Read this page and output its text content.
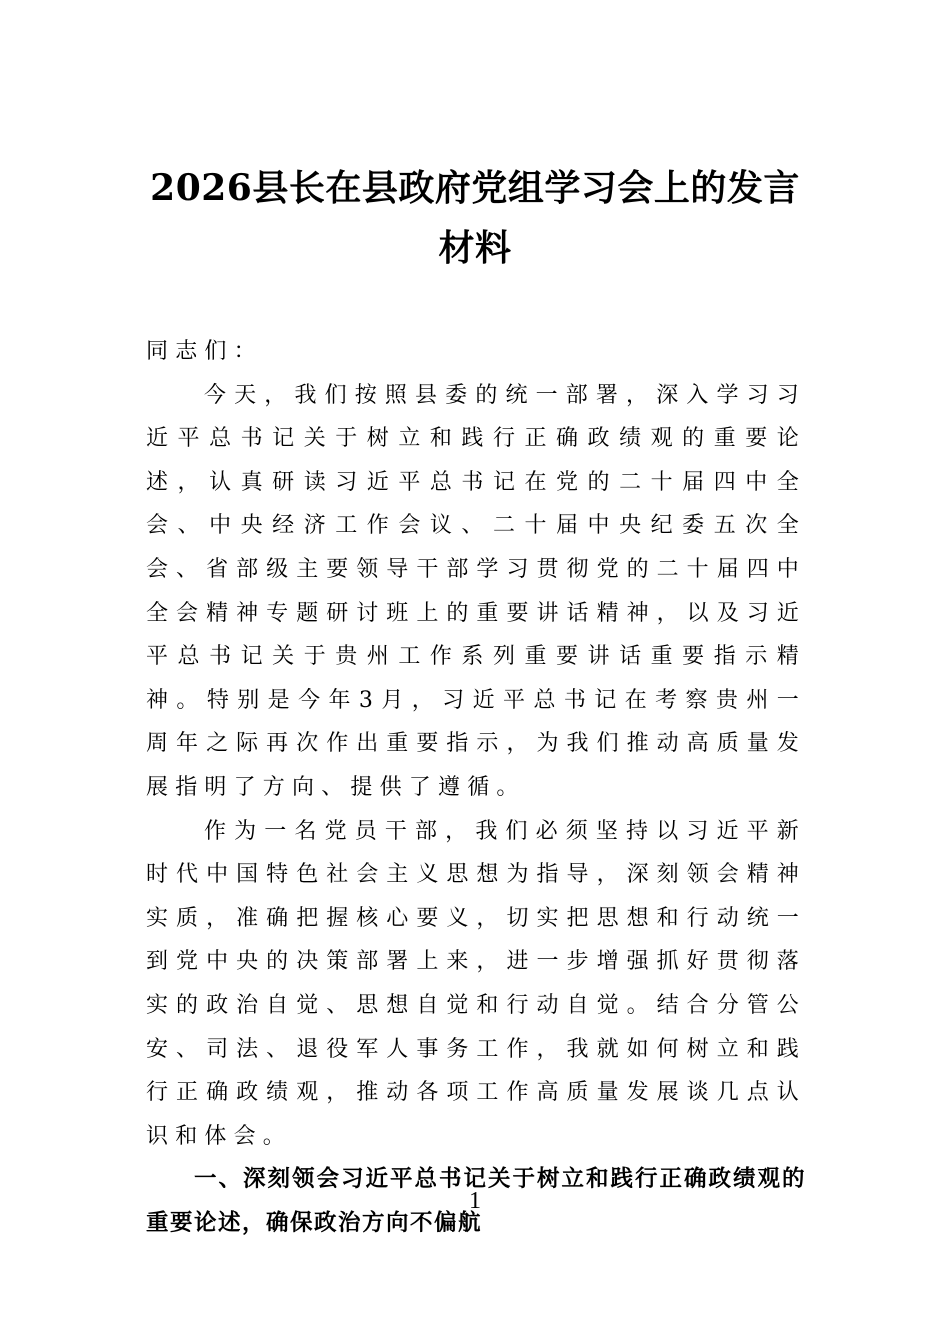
2026县长在县政府党组学习会上的发言材料

同志们：

今天，我们按照县委的统一部署，深入学习习近平总书记关于树立和践行正确政绩观的重要论述，认真研读习近平总书记在党的二十届四中全会、中央经济工作会议、二十届中央纪委五次全会、省部级主要领导干部学习贯彻党的二十届四中全会精神专题研讨班上的重要讲话精神，以及习近平总书记关于贵州工作系列重要讲话重要指示精神。特别是今年3月，习近平总书记在考察贵州一周年之际再次作出重要指示，为我们推动高质量发展指明了方向、提供了遵循。

作为一名党员干部，我们必须坚持以习近平新时代中国特色社会主义思想为指导，深刻领会精神实质，准确把握核心要义，切实把思想和行动统一到党中央的决策部署上来，进一步增强抓好贯彻落实的政治自觉、思想自觉和行动自觉。结合分管公安、司法、退役军人事务工作，我就如何树立和践行正确政绩观，推动各项工作高质量发展谈几点认识和体会。

一、深刻领会习近平总书记关于树立和践行正确政绩观的重要论述，确保政治方向不偏航

1
